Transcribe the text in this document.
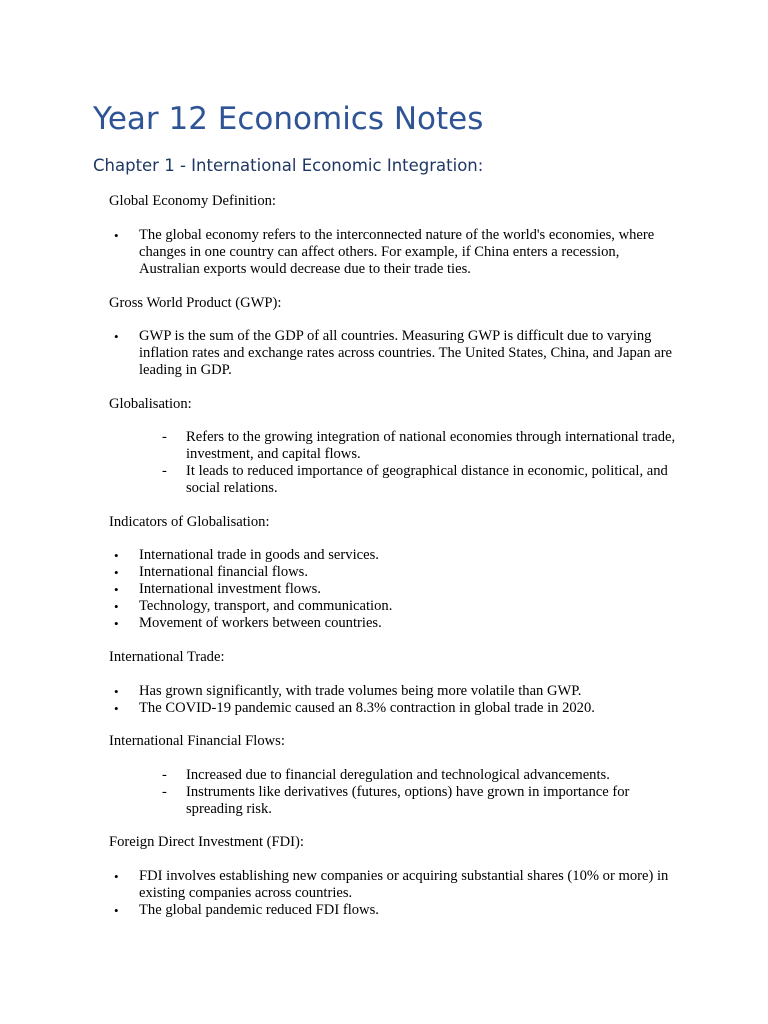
Year 12 Economics Notes
Chapter 1 - International Economic Integration:

Global Economy Definition:

• The global economy refers to the interconnected nature of the world's economies, where changes in one country can affect others. For example, if China enters a recession, Australian exports would decrease due to their trade ties.

Gross World Product (GWP):

• GWP is the sum of the GDP of all countries. Measuring GWP is difficult due to varying inflation rates and exchange rates across countries. The United States, China, and Japan are leading in GDP.

Globalisation:

- Refers to the growing integration of national economies through international trade, investment, and capital flows.
- It leads to reduced importance of geographical distance in economic, political, and social relations.

Indicators of Globalisation:

• International trade in goods and services.
• International financial flows.
• International investment flows.
• Technology, transport, and communication.
• Movement of workers between countries.

International Trade:

• Has grown significantly, with trade volumes being more volatile than GWP.
• The COVID-19 pandemic caused an 8.3% contraction in global trade in 2020.

International Financial Flows:

- Increased due to financial deregulation and technological advancements.
- Instruments like derivatives (futures, options) have grown in importance for spreading risk.

Foreign Direct Investment (FDI):

• FDI involves establishing new companies or acquiring substantial shares (10% or more) in existing companies across countries.
• The global pandemic reduced FDI flows.
